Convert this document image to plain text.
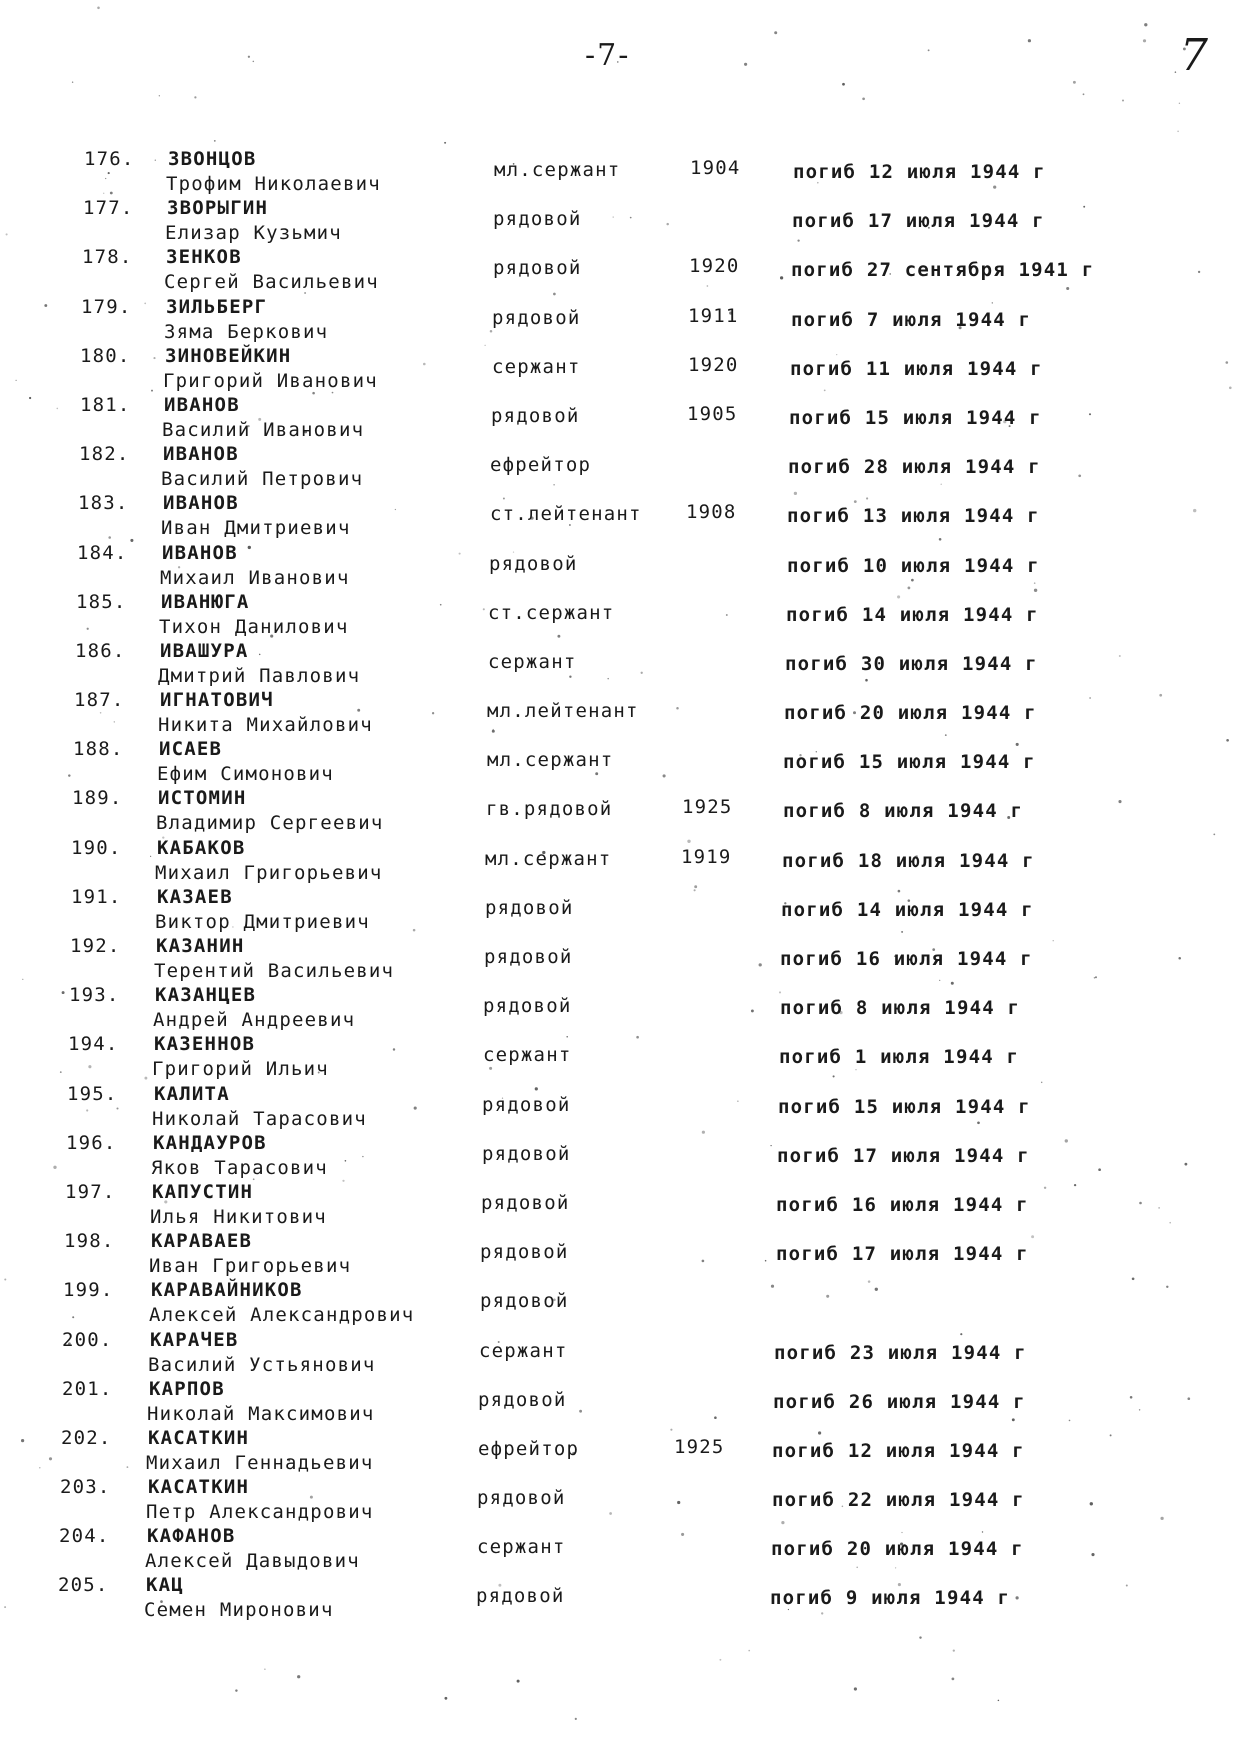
-7-	7
176. ЗВОНЦОВ
Трофим Николаевич
мл.сержант	1904	погиб 12 июля 1944 г
177. ЗВОРЫГИН
Елизар Кузьмич
рядовой	погиб 17 июля 1944 г
178. ЗЕНКОВ
Сергей Васильевич
рядовой	1920	погиб 27 сентября 1941 г
179. ЗИЛЬБЕРГ
Зяма Беркович
рядовой	1911	погиб 7 июля 1944 г
180. ЗИНОВЕЙКИН
Григорий Иванович
сержант	1920	погиб 11 июля 1944 г
181. ИВАНОВ
Василий Иванович
рядовой	1905	погиб 15 июля 1944 г
182. ИВАНОВ
Василий Петрович
ефрейтор	погиб 28 июля 1944 г
183. ИВАНОВ
Иван Дмитриевич
ст.лейтенант 1908	погиб 13 июля 1944 г
184. ИВАНОВ
Михаил Иванович
рядовой	погиб 10 июля 1944 г
185. ИВАНЮГА
Тихон Данилович
ст.сержант	погиб 14 июля 1944 г
186. ИВАШУРА
Дмитрий Павлович
сержант	погиб 30 июля 1944 г
187. ИГНАТОВИЧ
Никита Михайлович
мл.лейтенант	погиб 20 июля 1944 г
188. ИСАЕВ
Ефим Симонович
мл.сержант	погиб 15 июля 1944 г
189. ИСТОМИН
Владимир Сергеевич
гв.рядовой	1925	погиб 8 июля 1944 г
190. КАБАКОВ
Михаил Григорьевич
мл.сержант	1919	погиб 18 июля 1944 г
191. КАЗАЕВ
Виктор Дмитриевич
рядовой	погиб 14 июля 1944 г
192. КАЗАНИН
Терентий Васильевич
рядовой	погиб 16 июля 1944 г
193. КАЗАНЦЕВ
Андрей Андреевич
рядовой	погиб 8 июля 1944 г
194. КАЗЕННОВ
Григорий Ильич
сержант	погиб 1 июля 1944 г
195. КАЛИТА
Николай Тарасович
рядовой	погиб 15 июля 1944 г
196. КАНДАУРОВ
Яков Тарасович
рядовой	погиб 17 июля 1944 г
197. КАПУСТИН
Илья Никитович
рядовой	погиб 16 июля 1944 г
198. КАРАВАЕВ
Иван Григорьевич
рядовой	погиб 17 июля 1944 г
199. КАРАВАЙНИКОВ
Алексей Александрович
рядовой
200. КАРАЧЕВ
Василий Устьянович
сержант	погиб 23 июля 1944 г
201. КАРПОВ
Николай Максимович
рядовой	погиб 26 июля 1944 г
202. КАСАТКИН
Михаил Геннадьевич
ефрейтор	1925 погиб 12 июля 1944 г
203. КАСАТКИН
Петр Александрович
рядовой	погиб 22 июля 1944 г
204. КАФАНОВ
Алексей Давыдович
сержант	погиб 20 июля 1944 г
205. КАЦ
Семен Миронович
рядовой	погиб 9 июля 1944 г
